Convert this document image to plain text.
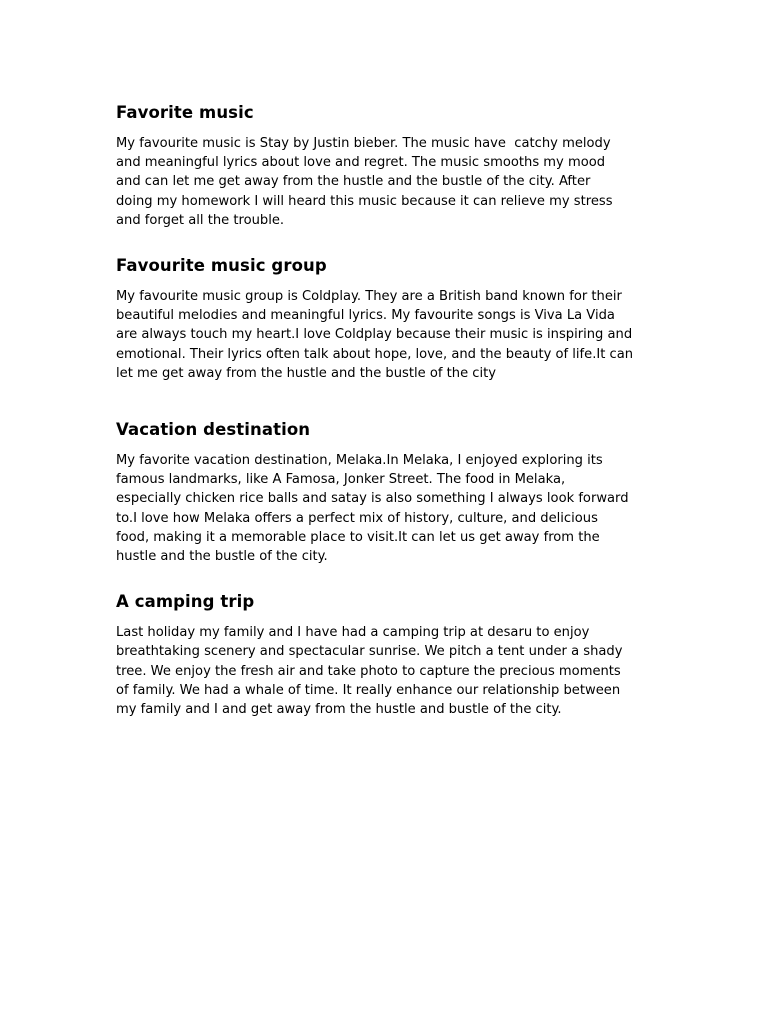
Favorite music

My favourite music is Stay by Justin bieber. The music have  catchy melody
and meaningful lyrics about love and regret. The music smooths my mood
and can let me get away from the hustle and the bustle of the city. After
doing my homework I will heard this music because it can relieve my stress
and forget all the trouble.

Favourite music group

My favourite music group is Coldplay. They are a British band known for their
beautiful melodies and meaningful lyrics. My favourite songs is Viva La Vida
are always touch my heart.I love Coldplay because their music is inspiring and
emotional. Their lyrics often talk about hope, love, and the beauty of life.It can
let me get away from the hustle and the bustle of the city

Vacation destination

My favorite vacation destination, Melaka.In Melaka, I enjoyed exploring its
famous landmarks, like A Famosa, Jonker Street. The food in Melaka,
especially chicken rice balls and satay is also something I always look forward
to.I love how Melaka offers a perfect mix of history, culture, and delicious
food, making it a memorable place to visit.It can let us get away from the
hustle and the bustle of the city.

A camping trip

Last holiday my family and I have had a camping trip at desaru to enjoy
breathtaking scenery and spectacular sunrise. We pitch a tent under a shady
tree. We enjoy the fresh air and take photo to capture the precious moments
of family. We had a whale of time. It really enhance our relationship between
my family and I and get away from the hustle and bustle of the city.
